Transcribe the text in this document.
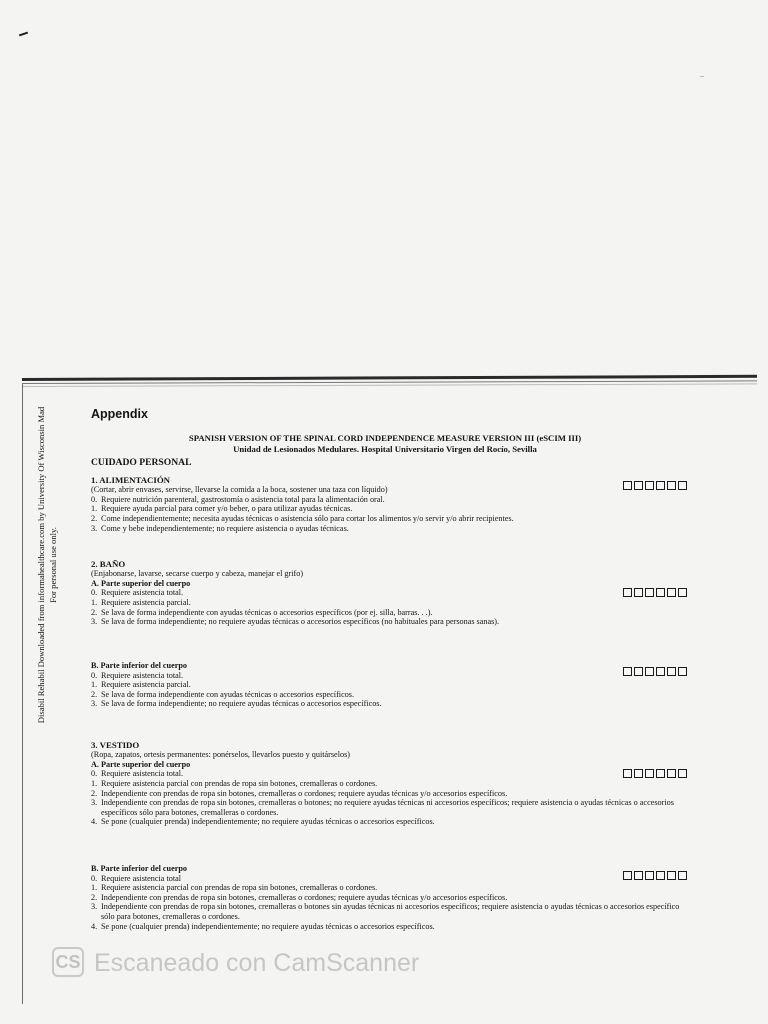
Disabil Rehabil Downloaded from informahealthcare.com by University Of Wisconsin Mad For personal use only.
Appendix
SPANISH VERSION OF THE SPINAL CORD INDEPENDENCE MEASURE VERSION III (eSCIM III)
Unidad de Lesionados Medulares. Hospital Universitario Virgen del Rocío, Sevilla
CUIDADO PERSONAL
1. ALIMENTACIÓN
(Cortar, abrir envases, servirse, llevarse la comida a la boca, sostener una taza con líquido)
0. Requiere nutrición parenteral, gastrostomía o asistencia total para la alimentación oral.
1. Requiere ayuda parcial para comer y/o beber, o para utilizar ayudas técnicas.
2. Come independientemente; necesita ayudas técnicas o asistencia sólo para cortar los alimentos y/o servir y/o abrir recipientes.
3. Come y bebe independientemente; no requiere asistencia o ayudas técnicas.
2. BAÑO
(Enjabonarse, lavarse, secarse cuerpo y cabeza, manejar el grifo)
A. Parte superior del cuerpo
0. Requiere asistencia total.
1. Requiere asistencia parcial.
2. Se lava de forma independiente con ayudas técnicas o accesorios específicos (por ej. silla, barras. . .).
3. Se lava de forma independiente; no requiere ayudas técnicas o accesorios específicos (no habituales para personas sanas).
B. Parte inferior del cuerpo
0. Requiere asistencia total.
1. Requiere asistencia parcial.
2. Se lava de forma independiente con ayudas técnicas o accesorios específicos.
3. Se lava de forma independiente; no requiere ayudas técnicas o accesorios específicos.
3. VESTIDO
(Ropa, zapatos, ortesis permanentes: ponérselos, llevarlos puesto y quitárselos)
A. Parte superior del cuerpo
0. Requiere asistencia total.
1. Requiere asistencia parcial con prendas de ropa sin botones, cremalleras o cordones.
2. Independiente con prendas de ropa sin botones, cremalleras o cordones; requiere ayudas técnicas y/o accesorios específicos.
3. Independiente con prendas de ropa sin botones, cremalleras o botones; no requiere ayudas técnicas ni accesorios específicos; requiere asistencia o ayudas técnicas o accesorios específicos sólo para botones, cremalleras o cordones.
4. Se pone (cualquier prenda) independientemente; no requiere ayudas técnicas o accesorios específicos.
B. Parte inferior del cuerpo
0. Requiere asistencia total
1. Requiere asistencia parcial con prendas de ropa sin botones, cremalleras o cordones.
2. Independiente con prendas de ropa sin botones, cremalleras o cordones; requiere ayudas técnicas y/o accesorios específicos.
3. Independiente con prendas de ropa sin botones, cremalleras o botones sin ayudas técnicas ni accesorios específicos; requiere asistencia o ayudas técnicas o accesorios específico sólo para botones, cremalleras o cordones.
4. Se pone (cualquier prenda) independientemente; no requiere ayudas técnicas o accesorios específicos.
CS Escaneado con CamScanner
